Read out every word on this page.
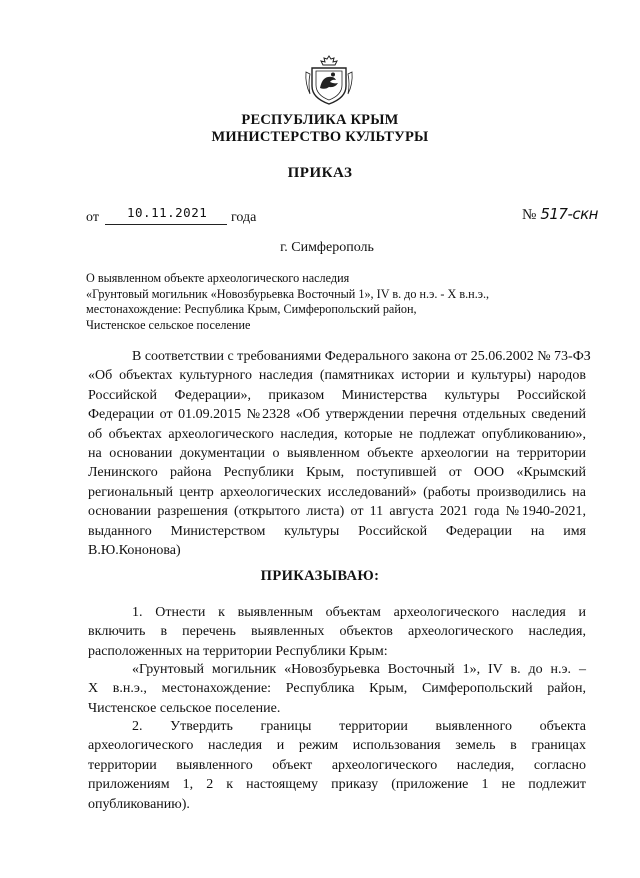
РЕСПУБЛИКА КРЫМ
МИНИСТЕРСТВО КУЛЬТУРЫ
ПРИКАЗ
от 10.11.2021 года	№ 517-скн
г. Симферополь
О выявленном объекте археологического наследия
«Грунтовый могильник «Новозбурьевка Восточный 1», IV в. до н.э. - Х в.н.э.,
местонахождение: Республика Крым, Симферопольский район,
Чистенское сельское поселение
В соответствии с требованиями Федерального закона от 25.06.2002 № 73-ФЗ
«Об объектах культурного наследия (памятниках истории и культуры) народов
Российской Федерации», приказом Министерства культуры Российской
Федерации от 01.09.2015 №2328 «Об утверждении перечня отдельных сведений
об объектах археологического наследия, которые не подлежат опубликованию»,
на основании документации о выявленном объекте археологии на территории
Ленинского района Республики Крым, поступившей от ООО «Крымский
региональный центр археологических исследований» (работы производились на
основании разрешения (открытого листа) от 11 августа 2021 года №1940-2021,
выданного Министерством культуры Российской Федерации на имя
В.Ю.Кононова)
ПРИКАЗЫВАЮ:
1. Отнести к выявленным объектам археологического наследия и
включить в перечень выявленных объектов археологического наследия,
расположенных на территории Республики Крым:
«Грунтовый могильник «Новозбурьевка Восточный 1», IV в. до н.э. –
Х в.н.э., местонахождение: Республика Крым, Симферопольский район,
Чистенское сельское поселение.
2. Утвердить границы территории выявленного объекта
археологического наследия и режим использования земель в границах
территории выявленного объект археологического наследия, согласно
приложениям 1, 2 к настоящему приказу (приложение 1 не подлежит
опубликованию).
